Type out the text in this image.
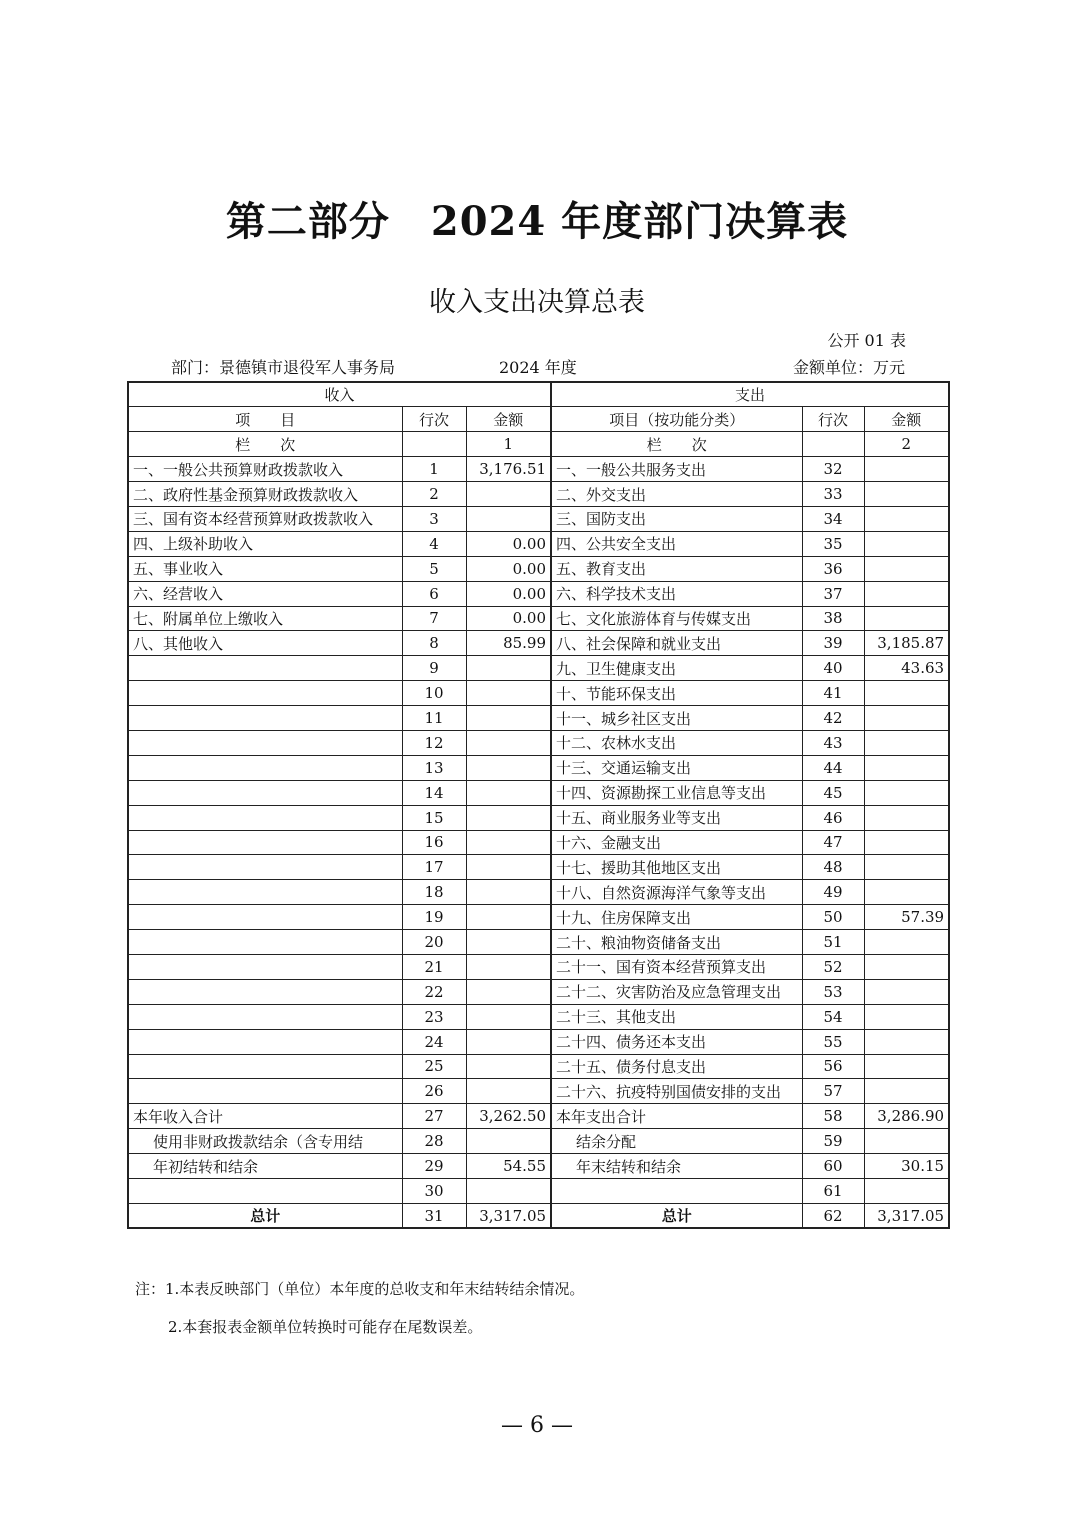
第二部分　2024 年度部门决算表
收入支出决算总表
公开 01 表
部门：景德镇市退役军人事务局	2024 年度	金额单位：万元
收入			支出		
项　　目	行次	金额	项目（按功能分类）	行次	金额
栏　　次		1	栏　　次		2
一、一般公共预算财政拨款收入	1	3,176.51	一、一般公共服务支出	32	
二、政府性基金预算财政拨款收入	2		二、外交支出	33	
三、国有资本经营预算财政拨款收入	3		三、国防支出	34	
四、上级补助收入	4	0.00	四、公共安全支出	35	
五、事业收入	5	0.00	五、教育支出	36	
六、经营收入	6	0.00	六、科学技术支出	37	
七、附属单位上缴收入	7	0.00	七、文化旅游体育与传媒支出	38	
八、其他收入	8	85.99	八、社会保障和就业支出	39	3,185.87
	9		九、卫生健康支出	40	43.63
	10		十、节能环保支出	41	
	11		十一、城乡社区支出	42	
	12		十二、农林水支出	43	
	13		十三、交通运输支出	44	
	14		十四、资源勘探工业信息等支出	45	
	15		十五、商业服务业等支出	46	
	16		十六、金融支出	47	
	17		十七、援助其他地区支出	48	
	18		十八、自然资源海洋气象等支出	49	
	19		十九、住房保障支出	50	57.39
	20		二十、粮油物资储备支出	51	
	21		二十一、国有资本经营预算支出	52	
	22		二十二、灾害防治及应急管理支出	53	
	23		二十三、其他支出	54	
	24		二十四、债务还本支出	55	
	25		二十五、债务付息支出	56	
	26		二十六、抗疫特别国债安排的支出	57	
本年收入合计	27	3,262.50	本年支出合计	58	3,286.90
使用非财政拨款结余（含专用结	28		结余分配	59	
年初结转和结余	29	54.55	年末结转和结余	60	30.15
	30			61	
总计	31	3,317.05	总计	62	3,317.05
注：1.本表反映部门（单位）本年度的总收支和年末结转结余情况。
2.本套报表金额单位转换时可能存在尾数误差。
— 6 —
